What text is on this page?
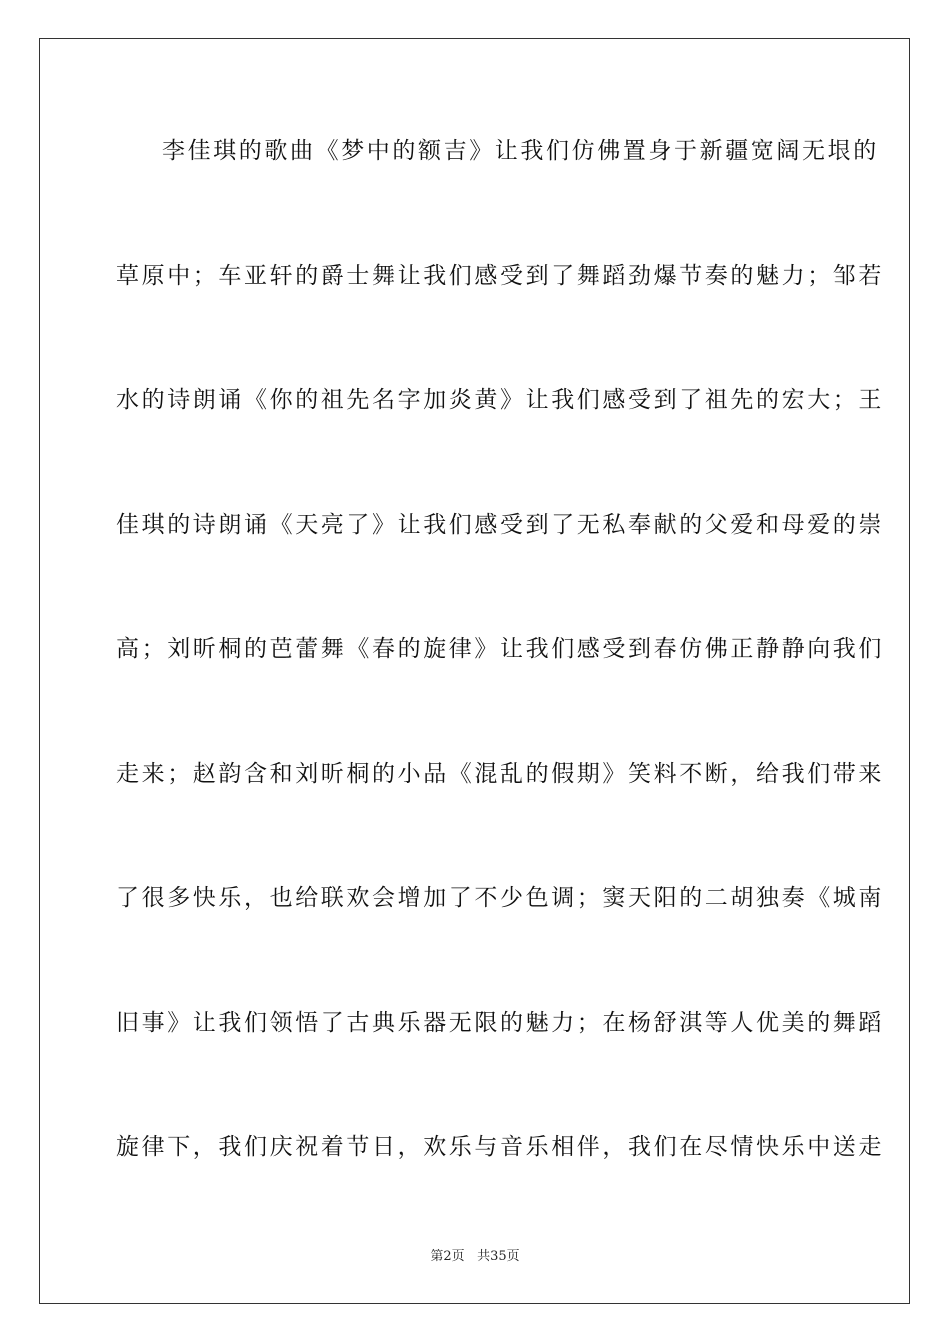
李佳琪的歌曲《梦中的额吉》让我们仿佛置身于新疆宽阔无垠的
草原中；车亚轩的爵士舞让我们感受到了舞蹈劲爆节奏的魅力；邹若
水的诗朗诵《你的祖先名字加炎黄》让我们感受到了祖先的宏大；王
佳琪的诗朗诵《天亮了》让我们感受到了无私奉献的父爱和母爱的崇
高；刘昕桐的芭蕾舞《春的旋律》让我们感受到春仿佛正静静向我们
走来；赵韵含和刘昕桐的小品《混乱的假期》笑料不断，给我们带来
了很多快乐，也给联欢会增加了不少色调；窦天阳的二胡独奏《城南
旧事》让我们领悟了古典乐器无限的魅力；在杨舒淇等人优美的舞蹈
旋律下，我们庆祝着节日，欢乐与音乐相伴，我们在尽情快乐中送走
第2页 共35页
